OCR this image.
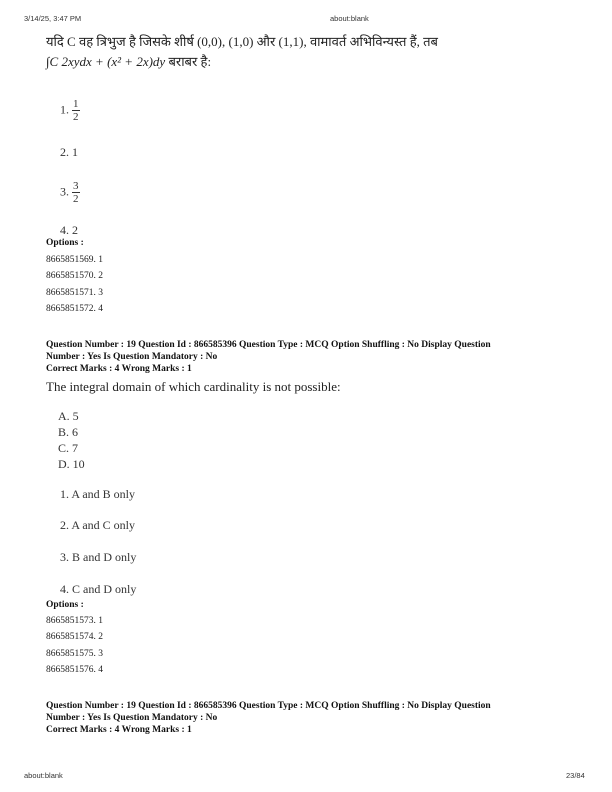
3/14/25, 3:47 PM	about:blank
यदि C वह त्रिभुज है जिसके शीर्ष (0,0), (1,0) और (1,1), वामावर्त अभिविन्यस्त हैं, तब
∫C 2xydx + (x² + 2x)dy बराबर है:
1. $\frac{1}{2}$
2. 1
3. $\frac{3}{2}$
4. 2
Options :
8665851569. 1
8665851570. 2
8665851571. 3
8665851572. 4
Question Number : 19 Question Id : 866585396 Question Type : MCQ Option Shuffling : No Display Question
Number : Yes Is Question Mandatory : No
Correct Marks : 4 Wrong Marks : 1
The integral domain of which cardinality is not possible:
A. 5
B. 6
C. 7
D. 10
1. A and B only
2. A and C only
3. B and D only
4. C and D only
Options :
8665851573. 1
8665851574. 2
8665851575. 3
8665851576. 4
Question Number : 19 Question Id : 866585396 Question Type : MCQ Option Shuffling : No Display Question
Number : Yes Is Question Mandatory : No
Correct Marks : 4 Wrong Marks : 1
about:blank	23/84
